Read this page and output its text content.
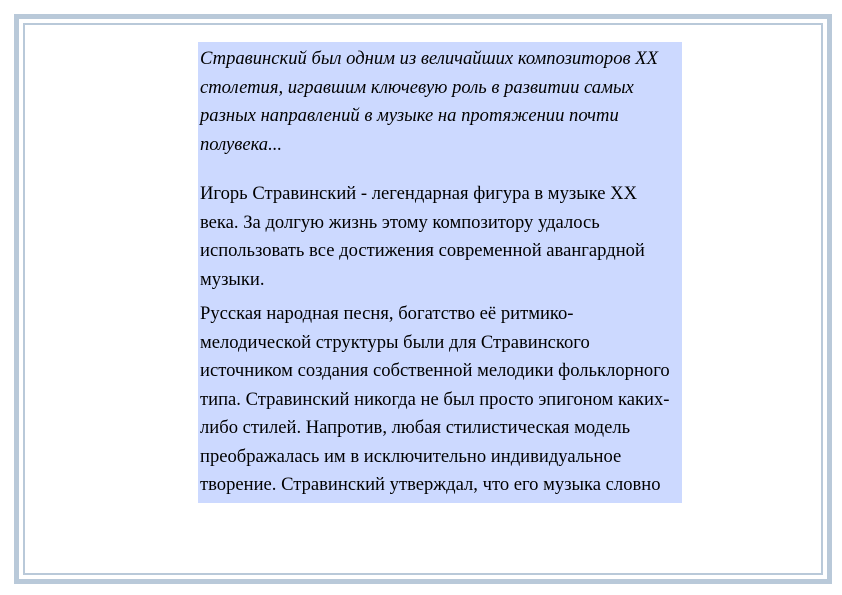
Стравинский был одним из величайших композиторов XX столетия, игравшим ключевую роль в развитии самых разных направлений в музыке на протяжении почти полувека...

Игорь Стравинский - легендарная фигура в музыке XX века. За долгую жизнь этому композитору удалось использовать все достижения современной авангардной музыки.

Русская народная песня, богатство её ритмико-мелодической структуры были для Стравинского источником создания собственной мелодики фольклорного типа. Стравинский никогда не был просто эпигоном каких-либо стилей. Напротив, любая стилистическая модель преображалась им в исключительно индивидуальное творение. Стравинский утверждал, что его музыка словно
